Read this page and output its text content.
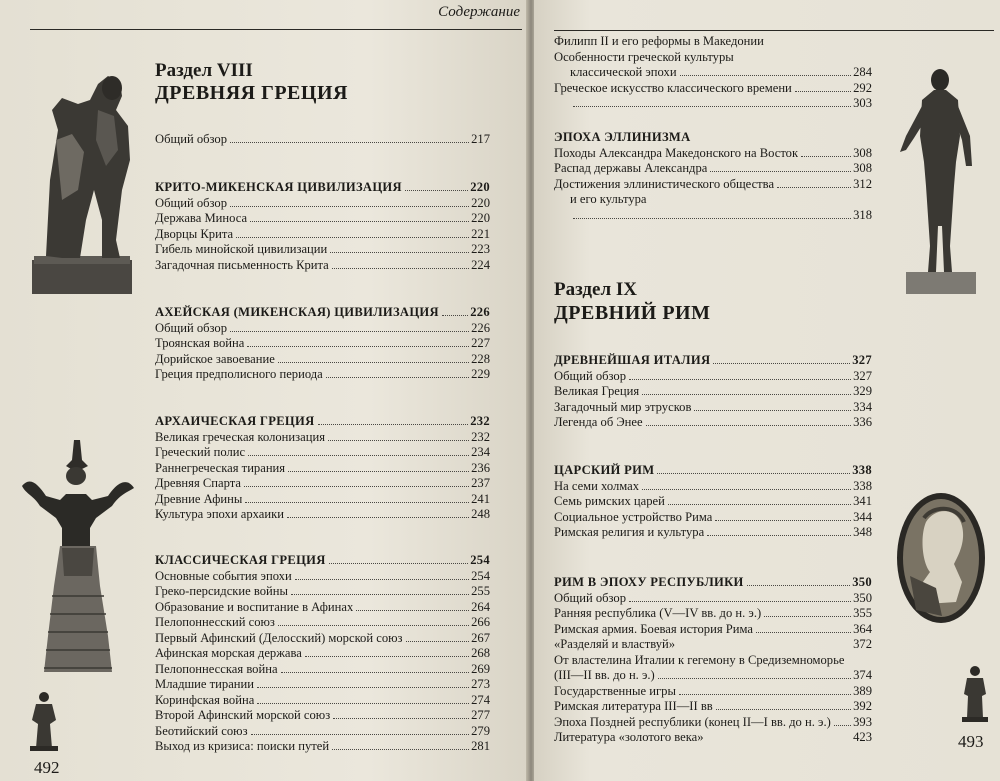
Содержание
Раздел VIII
ДРЕВНЯЯ ГРЕЦИЯ
Общий обзор	217
КРИТО-МИКЕНСКАЯ ЦИВИЛИЗАЦИЯ	220
Общий обзор	220
Держава Миноса	220
Дворцы Крита	221
Гибель минойской цивилизации	223
Загадочная письменность Крита	224
АХЕЙСКАЯ (МИКЕНСКАЯ) ЦИВИЛИЗАЦИЯ 226
Общий обзор	226
Троянская война	227
Дорийское завоевание	228
Греция предполисного периода	229
АРХАИЧЕСКАЯ ГРЕЦИЯ	232
Великая греческая колонизация	232
Греческий полис	234
Раннегреческая тирания	236
Древняя Спарта	237
Древние Афины	241
Культура эпохи архаики	248
КЛАССИЧЕСКАЯ ГРЕЦИЯ	254
Основные события эпохи	254
Греко-персидские войны	255
Образование и воспитание в Афинах	264
Пелопоннесский союз	266
Первый Афинский (Делосский) морской союз	267
Афинская морская держава	268
Пелопоннесская война	269
Младшие тирании	273
Коринфская война	274
Второй Афинский морской союз	277
Беотийский союз	279
Выход из кризиса: поиски путей	281
492
Филипп II и его реформы в Македонии
Особенности греческой культуры
классической эпохи	284
Греческое искусство классического времени	292
303
ЭПОХА ЭЛЛИНИЗМА
Походы Александра Македонского на Восток	308
Распад державы Александра	308
Достижения эллинистического общества	312
и его культура
318
Раздел IX
ДРЕВНИЙ РИМ
ДРЕВНЕЙШАЯ ИТАЛИЯ	327
Общий обзор	327
Великая Греция	329
Загадочный мир этрусков	334
Легенда об Энее	336
ЦАРСКИЙ РИМ	338
На семи холмах	338
Семь римских царей	341
Социальное устройство Рима	344
Римская религия и культура	348
РИМ В ЭПОХУ РЕСПУБЛИКИ	350
Общий обзор	350
Ранняя республика (V—IV вв. до н. э.)	355
Римская армия. Боевая история Рима	364
«Разделяй и властвуй»	372
От властелина Италии к гегемону в Средиземноморье
(III—II вв. до н. э.)	374
Государственные игры	389
Римская литература III—II вв	392
Эпоха Поздней республики (конец II—I вв. до н. э.) 393
Литература «золотого века»	423	493
